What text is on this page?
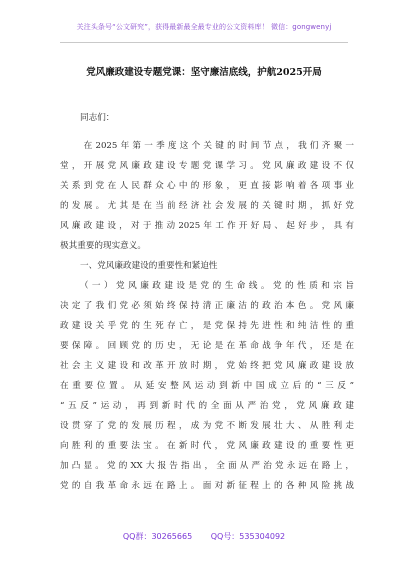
关注头条号“公文研究”，获得最新最全最专业的公文资料库！ 微信：gongwenyj
党风廉政建设专题党课：坚守廉洁底线，护航2025开局
同志们：
　　在2025年第一季度这个关键的时间节点，我们齐聚一
堂，开展党风廉政建设专题党课学习。党风廉政建设不仅
关系到党在人民群众心中的形象，更直接影响着各项事业
的发展。尤其是在当前经济社会发展的关键时期，抓好党
风廉政建设，对于推动2025年工作开好局、起好步，具有
极其重要的现实意义。
一、党风廉政建设的重要性和紧迫性
　　（一）党风廉政建设是党的生命线。党的性质和宗旨
决定了我们党必须始终保持清正廉洁的政治本色。党风廉
政建设关乎党的生死存亡，是党保持先进性和纯洁性的重
要保障。回顾党的历史，无论是在革命战争年代，还是在
社会主义建设和改革开放时期，党始终把党风廉政建设放
在重要位置。从延安整风运动到新中国成立后的“三反”
“五反”运动，再到新时代的全面从严治党，党风廉政建
设贯穿了党的发展历程，成为党不断发展壮大、从胜利走
向胜利的重要法宝。在新时代，党风廉政建设的重要性更
加凸显。党的XX大报告指出，全面从严治党永远在路上，
党的自我革命永远在路上。面对新征程上的各种风险挑战
QQ群：30265665 QQ号：535304092
